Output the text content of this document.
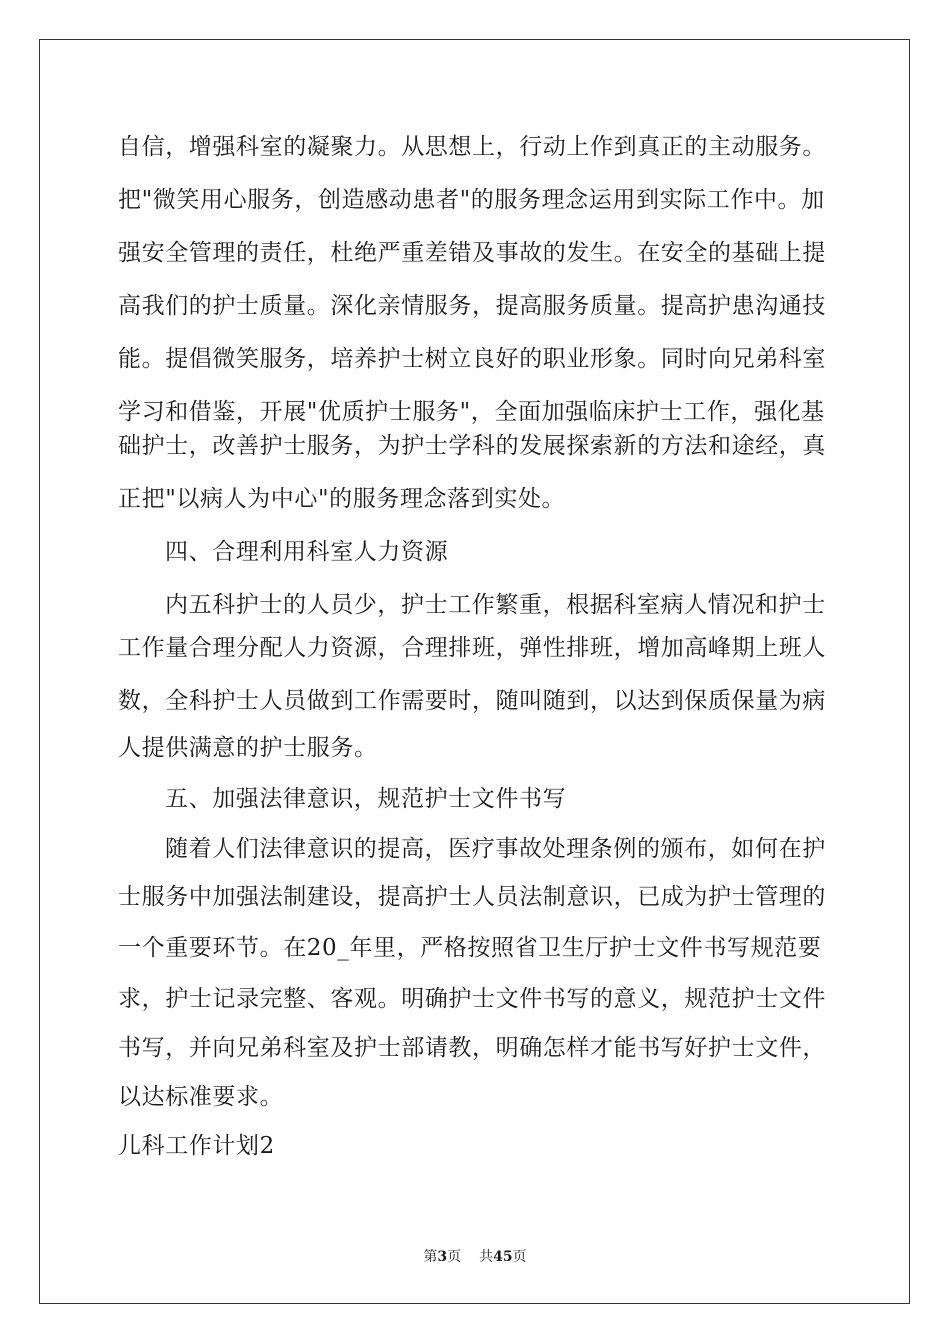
自信，增强科室的凝聚力。从思想上，行动上作到真正的主动服务。
把"微笑用心服务，创造感动患者"的服务理念运用到实际工作中。加
强安全管理的责任，杜绝严重差错及事故的发生。在安全的基础上提
高我们的护士质量。深化亲情服务，提高服务质量。提高护患沟通技
能。提倡微笑服务，培养护士树立良好的职业形象。同时向兄弟科室
学习和借鉴，开展"优质护士服务"，全面加强临床护士工作，强化基
础护士，改善护士服务，为护士学科的发展探索新的方法和途经，真
正把"以病人为中心"的服务理念落到实处。
四、合理利用科室人力资源
内五科护士的人员少，护士工作繁重，根据科室病人情况和护士
工作量合理分配人力资源，合理排班，弹性排班，增加高峰期上班人
数，全科护士人员做到工作需要时，随叫随到，以达到保质保量为病
人提供满意的护士服务。
五、加强法律意识，规范护士文件书写
随着人们法律意识的提高，医疗事故处理条例的颁布，如何在护
士服务中加强法制建设，提高护士人员法制意识，已成为护士管理的
一个重要环节。在20_年里，严格按照省卫生厅护士文件书写规范要
求，护士记录完整、客观。明确护士文件书写的意义，规范护士文件
书写，并向兄弟科室及护士部请教，明确怎样才能书写好护士文件，
以达标准要求。
儿科工作计划2
第3页 共45页
